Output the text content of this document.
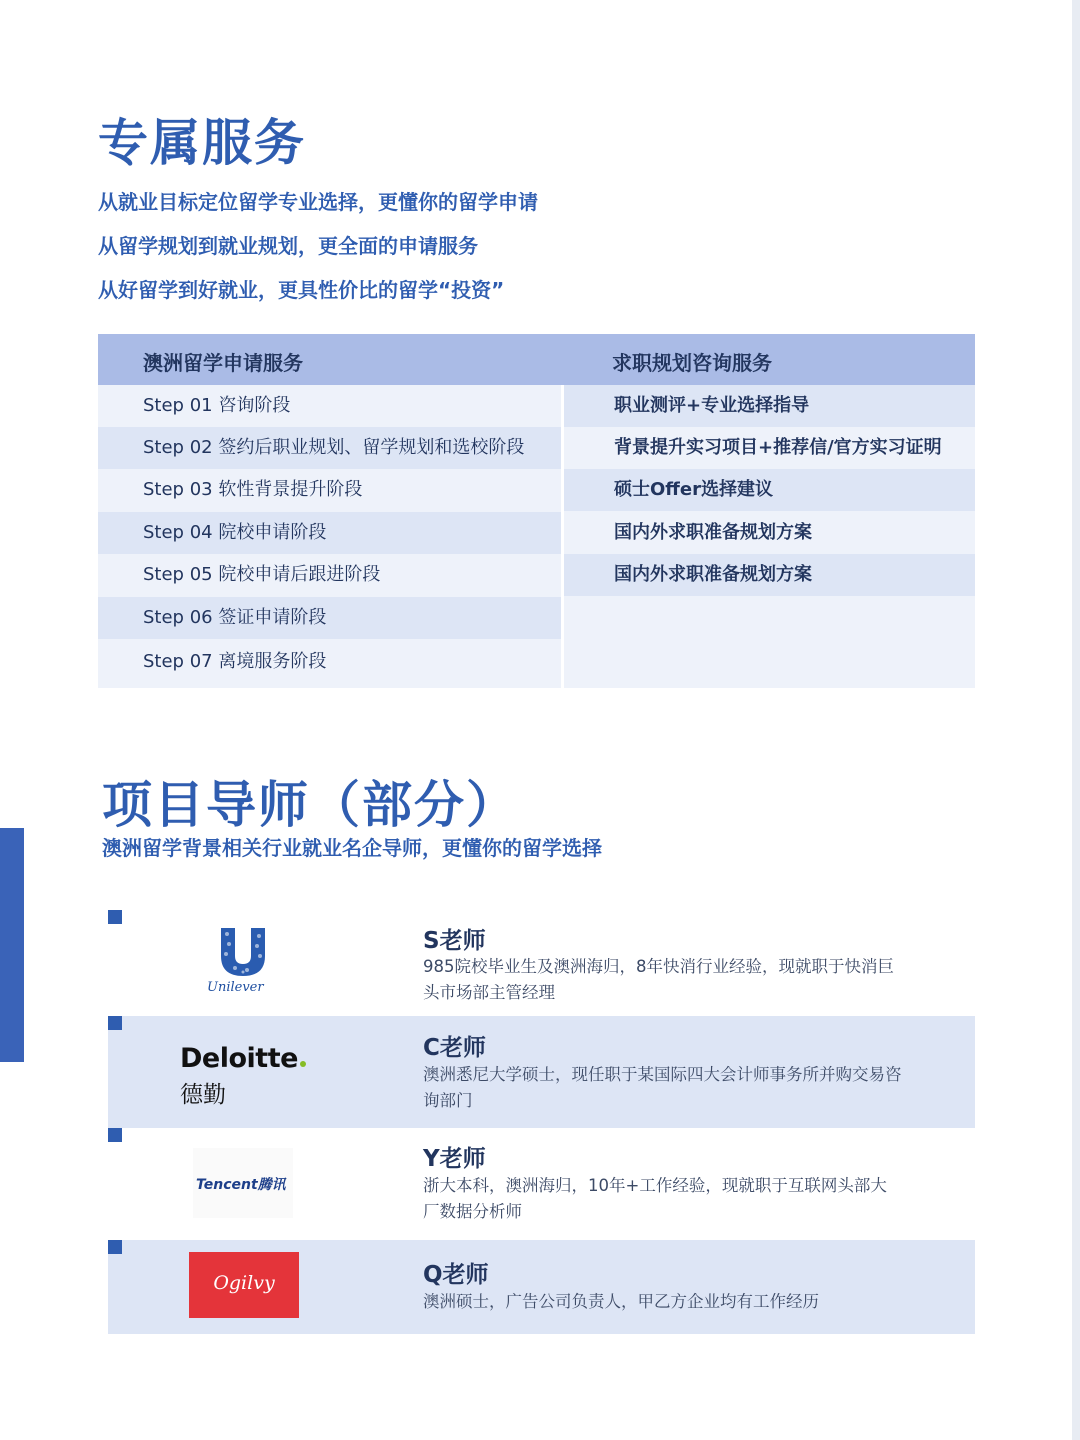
专属服务
从就业目标定位留学专业选择，更懂你的留学申请
从留学规划到就业规划，更全面的申请服务
从好留学到好就业，更具性价比的留学“投资”
澳洲留学申请服务	求职规划咨询服务
Step 01 咨询阶段
Step 02 签约后职业规划、留学规划和选校阶段
Step 03 软性背景提升阶段
Step 04 院校申请阶段
Step 05 院校申请后跟进阶段
Step 06 签证申请阶段
Step 07 离境服务阶段
职业测评+专业选择指导
背景提升实习项目+推荐信/官方实习证明
硕士Offer选择建议
国内外求职准备规划方案
国内外求职准备规划方案
项目导师（部分）
澳洲留学背景相关行业就业名企导师，更懂你的留学选择
Unilever
S老师
985院校毕业生及澳洲海归，8年快消行业经验，现就职于快消巨头市场部主管经理
Deloitte
德勤
C老师
澳洲悉尼大学硕士，现任职于某国际四大会计师事务所并购交易咨询部门
Tencent腾讯
Y老师
浙大本科，澳洲海归，10年+工作经验，现就职于互联网头部大厂数据分析师
Ogilvy	Q老师
澳洲硕士，广告公司负责人，甲乙方企业均有工作经历
